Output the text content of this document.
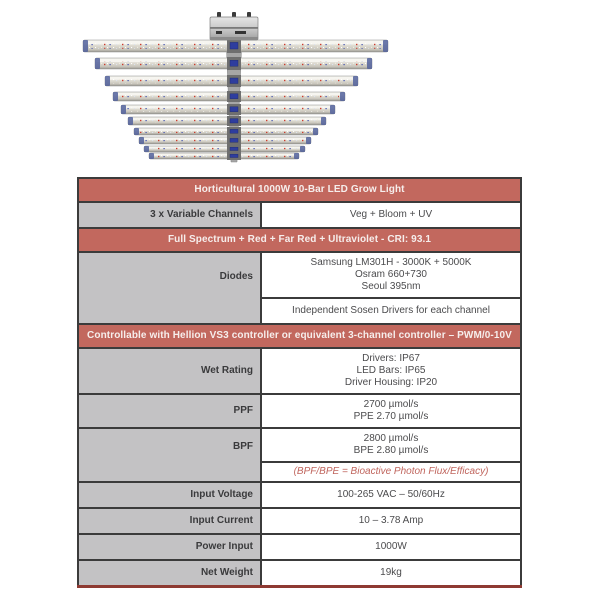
Horticultural 1000W 10-Bar LED Grow Light	
3 x Variable Channels	Veg + Bloom + UV

Full Spectrum + Red + Far Red + Ultraviolet - CRI: 93.1	

Diodes	Samsung LM301H - 3000K + 5000K
Osram 660+730
Seoul 395nm

	Independent Sosen Drivers for each channel

Controllable with Hellion VS3 controller or equivalent 3-channel controller – PWM/0-10V	
Wet Rating	Drivers: IP67
LED Bars: IP65
Driver Housing: IP20

PPF	2700 µmol/s
PPE 2.70 µmol/s

BPF	2800 µmol/s
BPE 2.80 µmol/s

	(BPF/BPE = Bioactive Photon Flux/Efficacy)

Input Voltage	100-265 VAC – 50/60Hz

Input Current	10 – 3.78 Amp

Power Input	1000W

Net Weight	19kg
